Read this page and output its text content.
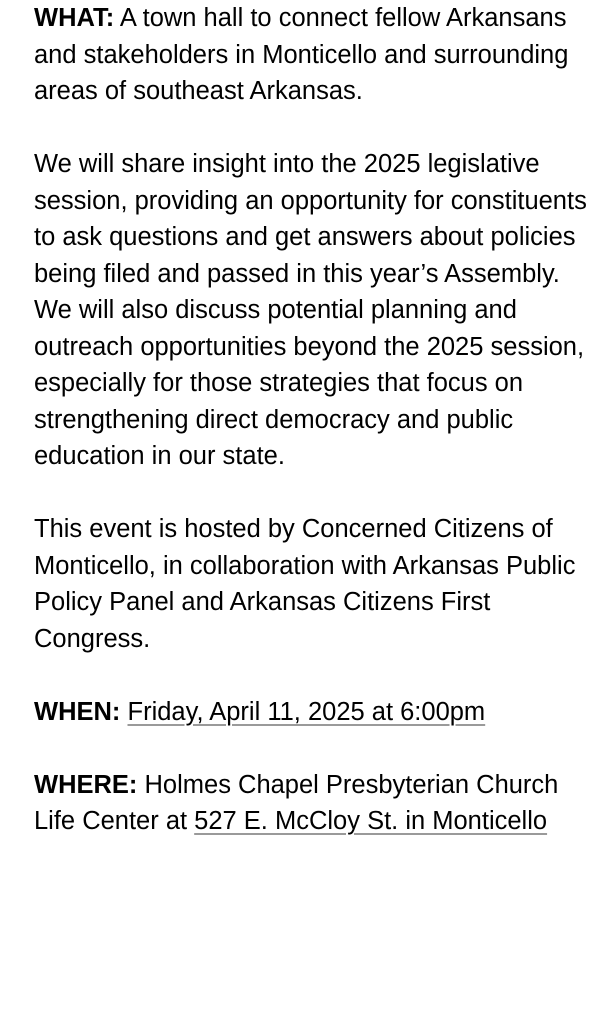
WHAT: A town hall to connect fellow Arkansans and stakeholders in Monticello and surrounding areas of southeast Arkansas.

We will share insight into the 2025 legislative session, providing an opportunity for constituents to ask questions and get answers about policies being filed and passed in this year’s Assembly. We will also discuss potential planning and outreach opportunities beyond the 2025 session, especially for those strategies that focus on strengthening direct democracy and public education in our state.

This event is hosted by Concerned Citizens of Monticello, in collaboration with Arkansas Public Policy Panel and Arkansas Citizens First Congress.

WHEN: Friday, April 11, 2025 at 6:00pm

WHERE: Holmes Chapel Presbyterian Church Life Center at 527 E. McCloy St. in Monticello
